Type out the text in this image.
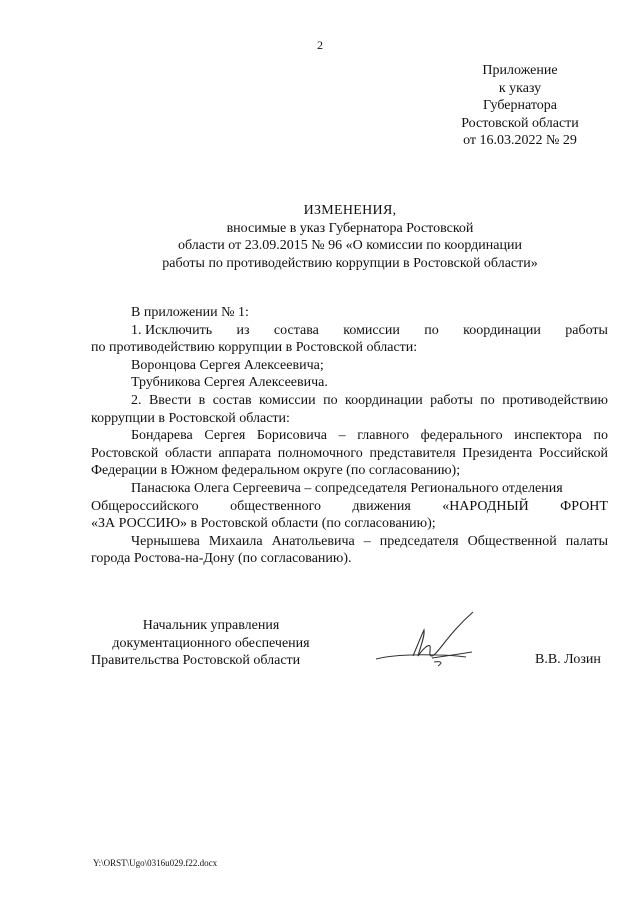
2
Приложение
к указу
Губернатора
Ростовской области
от 16.03.2022 № 29
ИЗМЕНЕНИЯ,
вносимые в указ Губернатора Ростовской
области от 23.09.2015 № 96 «О комиссии по координации
работы по противодействию коррупции в Ростовской области»

В приложении № 1:

1. Исключить из состава комиссии по координации работы

по противодействию коррупции в Ростовской области:

Воронцова Сергея Алексеевича;

Трубникова Сергея Алексеевича.

2. Ввести в состав комиссии по координации работы по противодействию коррупции в Ростовской области:

Бондарева Сергея Борисовича – главного федерального инспектора по Ростовской области аппарата полномочного представителя Президента Российской Федерации в Южном федеральном округе (по согласованию);

Панасюка Олега Сергеевича – сопредседателя Регионального отделения

Общероссийского общественного движения «НАРОДНЫЙ ФРОНТ

«ЗА РОССИЮ» в Ростовской области (по согласованию);

Чернышева Михаила Анатольевича – председателя Общественной палаты города Ростова-на-Дону (по согласованию).

Начальник управления
документационного обеспечения
Правительства Ростовской области	В.В. Лозин
Y:\ORST\Ugo\0316u029.f22.docx
